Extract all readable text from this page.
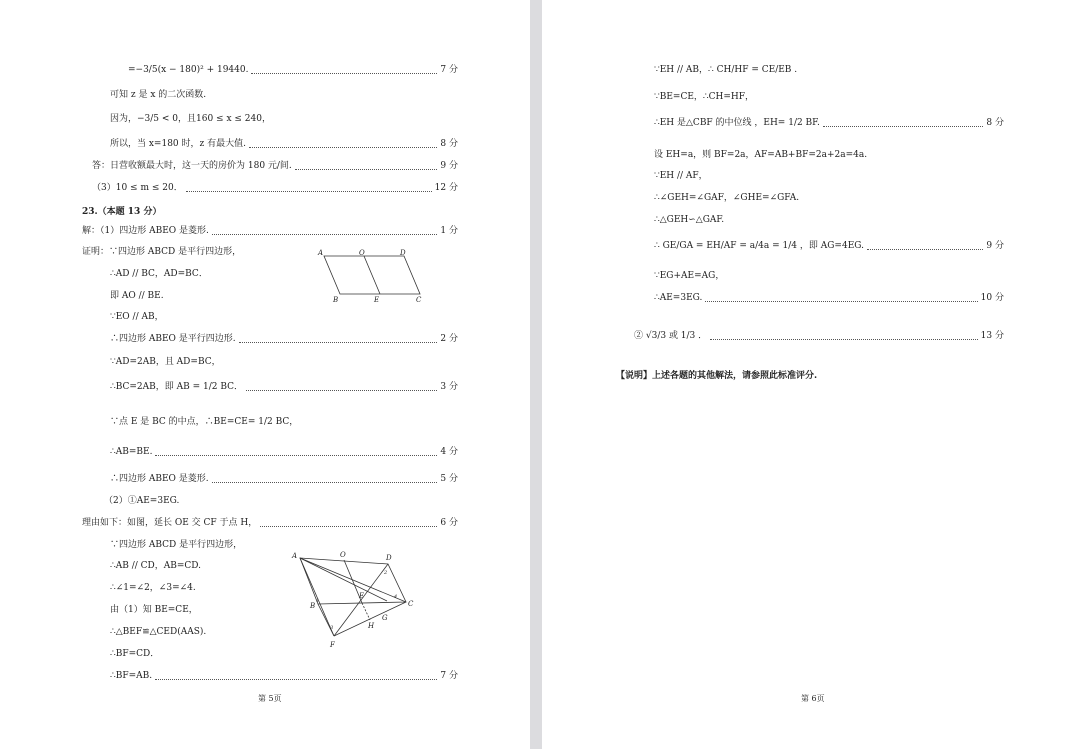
=−3/5(x − 180)² + 19440.	7 分
可知 z 是 x 的二次函数.
因为，−3/5 < 0，且160 ≤ x ≤ 240，
所以，当 x=180 时，z 有最大值.	8 分
答：日营收额最大时，这一天的房价为 180 元/间.	9 分
（3）10 ≤ m ≤ 20．	12 分
23.（本题 13 分）
解：（1）四边形 ABEO 是菱形.	1 分
证明：∵四边形 ABCD 是平行四边形，
∴AD // BC，AD=BC．
即 AO // BE.
∵EO // AB，
∴四边形 ABEO 是平行四边形.	2 分
∵AD=2AB，且 AD=BC，
∴BC=2AB，即 AB = 1/2 BC．	3 分
∵点 E 是 BC 的中点，∴BE=CE= 1/2 BC，
∴AB=BE.	4 分
∴四边形 ABEO 是菱形.	5 分
（2）①AE=3EG.
理由如下：如图，延长 OE 交 CF 于点 H，	6 分
∵四边形 ABCD 是平行四边形，
∴AB // CD，AB=CD.
∴∠1=∠2，∠3=∠4.
由（1）知 BE=CE，
∴△BEF≌△CED(AAS).
∴BF=CD．
∴BF=AB.	7 分
A	O	D
B	E	C
A	O	D
B
E
C
F
G
H
1
2
3
4
第 5页
∵EH // AB，∴ CH/HF = CE/EB .
∵BE=CE，∴CH=HF，
∴EH 是△CBF 的中位线 ，EH= 1/2 BF.	8 分
设 EH=a，则 BF=2a，AF=AB+BF=2a+2a=4a.
∵EH // AF，
∴∠GEH=∠GAF，∠GHE=∠GFA.
∴△GEH∽△GAF.
∴ GE/GA = EH/AF = a/4a = 1/4 ，即 AG=4EG.	9 分
∵EG+AE=AG，
∴AE=3EG.	10 分
② √3/3 或 1/3 ．	13 分
【说明】上述各题的其他解法，请参照此标准评分.
第 6页
